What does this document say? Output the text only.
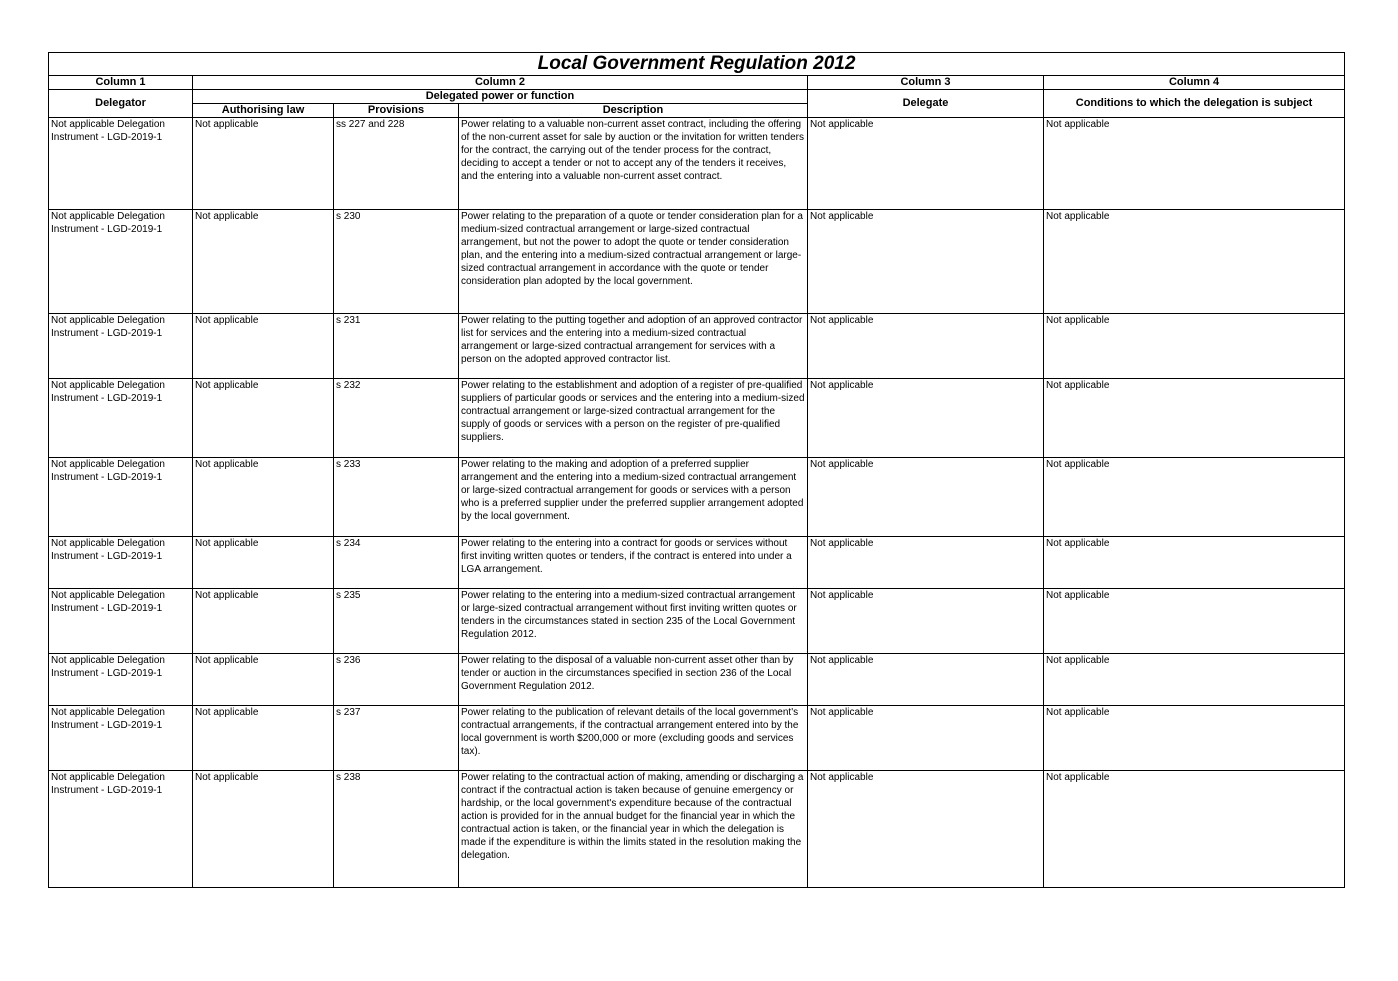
Local Government Regulation 2012					
Column 1	Column 2			Column 3	Column 4
Delegator	Delegated power or function			Delegate	Conditions to which the delegation is subject
	Authorising law	Provisions	Description		
Not applicable Delegation Instrument - LGD-2019-1	Not applicable	ss 227 and 228	Power relating to a valuable non-current asset contract, including the offering of the non-current asset for sale by auction or the invitation for written tenders for the contract, the carrying out of the tender process for the contract, deciding to accept a tender or not to accept any of the tenders it receives, and the entering into a valuable non-current asset contract.	Not applicable	Not applicable
Not applicable Delegation Instrument - LGD-2019-1	Not applicable	s 230	Power relating to the preparation of a quote or tender consideration plan for a medium-sized contractual arrangement or large-sized contractual arrangement, but not the power to adopt the quote or tender consideration plan, and the entering into a medium-sized contractual arrangement or large-sized contractual arrangement in accordance with the quote or tender consideration plan adopted by the local government.	Not applicable	Not applicable
Not applicable Delegation Instrument - LGD-2019-1	Not applicable	s 231	Power relating to the putting together and adoption of an approved contractor list for services and the entering into a medium-sized contractual arrangement or large-sized contractual arrangement for services with a person on the adopted approved contractor list.	Not applicable	Not applicable
Not applicable Delegation Instrument - LGD-2019-1	Not applicable	s 232	Power relating to the establishment and adoption of a register of pre-qualified suppliers of particular goods or services and the entering into a medium-sized contractual arrangement or large-sized contractual arrangement for the supply of goods or services with a person on the register of pre-qualified suppliers.	Not applicable	Not applicable
Not applicable Delegation Instrument - LGD-2019-1	Not applicable	s 233	Power relating to the making and adoption of a preferred supplier arrangement and the entering into a medium-sized contractual arrangement or large-sized contractual arrangement for goods or services with a person who is a preferred supplier under the preferred supplier arrangement adopted by the local government.	Not applicable	Not applicable
Not applicable Delegation Instrument - LGD-2019-1	Not applicable	s 234	Power relating to the entering into a contract for goods or services without first inviting written quotes or tenders, if the contract is entered into under a LGA arrangement.	Not applicable	Not applicable
Not applicable Delegation Instrument - LGD-2019-1	Not applicable	s 235	Power relating to the entering into a medium-sized contractual arrangement or large-sized contractual arrangement without first inviting written quotes or tenders in the circumstances stated in section 235 of the Local Government Regulation 2012.	Not applicable	Not applicable
Not applicable Delegation Instrument - LGD-2019-1	Not applicable	s 236	Power relating to the disposal of a valuable non-current asset other than by tender or auction in the circumstances specified in section 236 of the Local Government Regulation 2012.	Not applicable	Not applicable
Not applicable Delegation Instrument - LGD-2019-1	Not applicable	s 237	Power relating to the publication of relevant details of the local government's contractual arrangements, if the contractual arrangement entered into by the local government is worth $200,000 or more (excluding goods and services tax).	Not applicable	Not applicable
Not applicable Delegation Instrument - LGD-2019-1	Not applicable	s 238	Power relating to the contractual action of making, amending or discharging a contract if the contractual action is taken because of genuine emergency or hardship, or the local government's expenditure because of the contractual action is provided for in the annual budget for the financial year in which the contractual action is taken, or the financial year in which the delegation is made if the expenditure is within the limits stated in the resolution making the delegation.	Not applicable	Not applicable
